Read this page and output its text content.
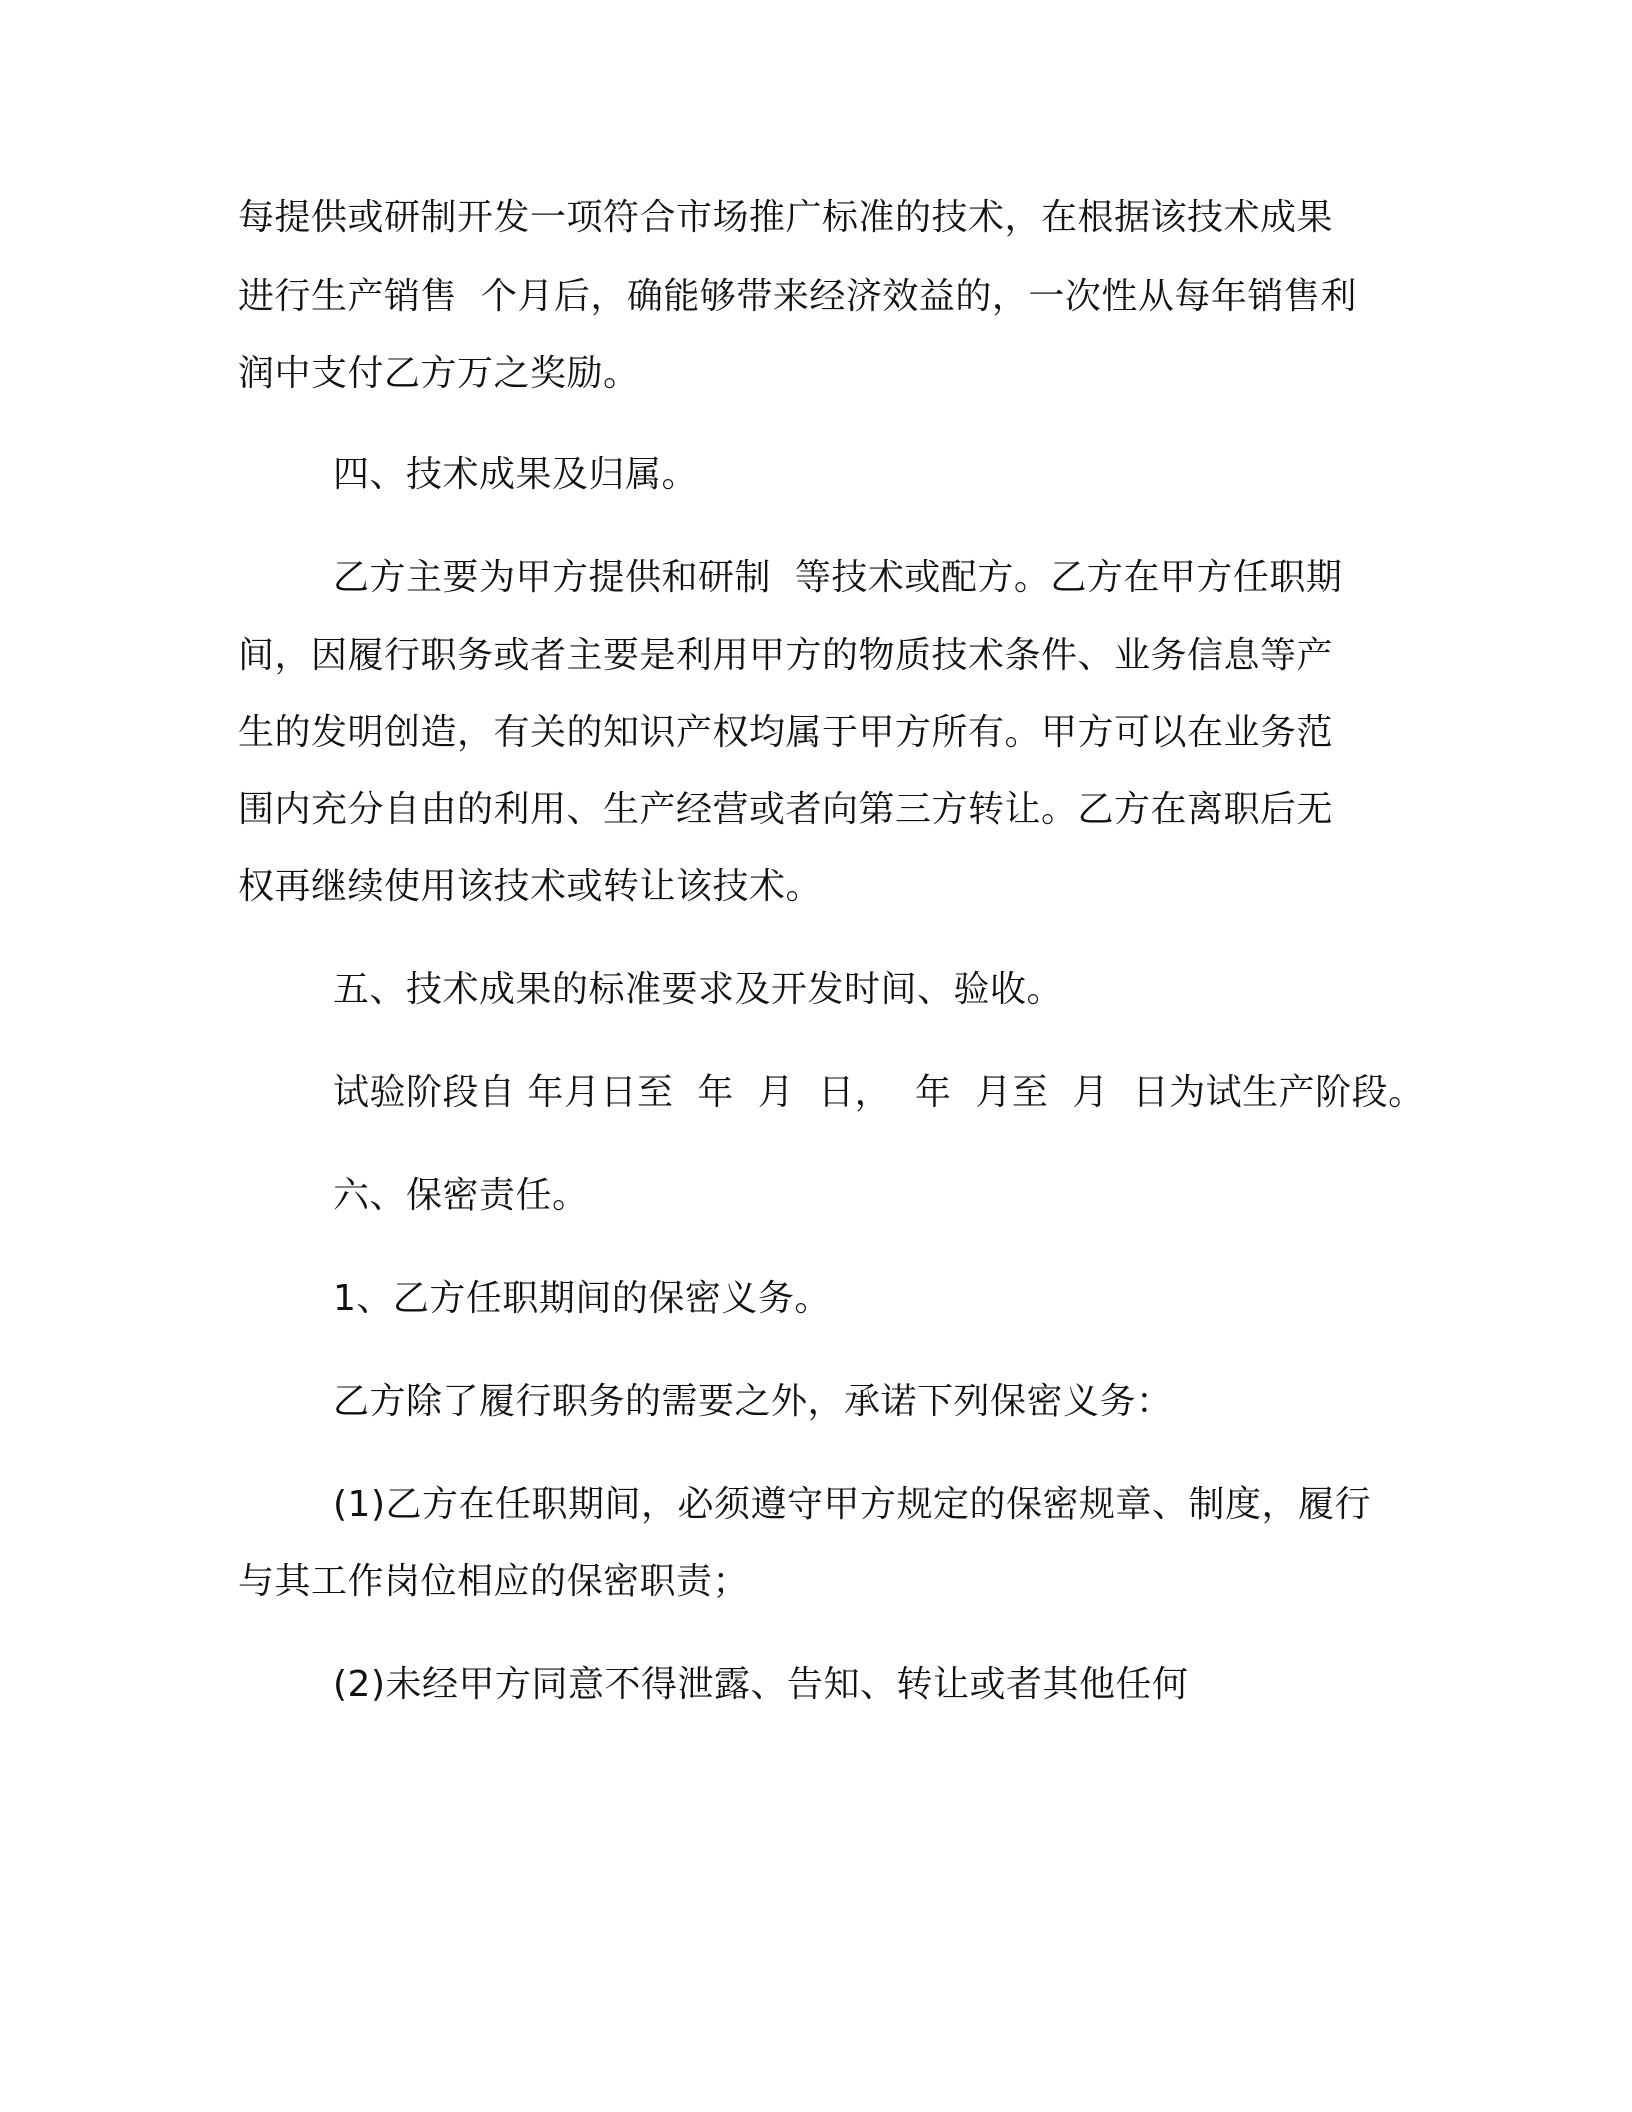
每提供或研制开发一项符合市场推广标准的技术，在根据该技术成果
进行生产销售  个月后，确能够带来经济效益的，一次性从每年销售利
润中支付乙方万之奖励。
四、技术成果及归属。
乙方主要为甲方提供和研制  等技术或配方。乙方在甲方任职期
间，因履行职务或者主要是利用甲方的物质技术条件、业务信息等产
生的发明创造，有关的知识产权均属于甲方所有。甲方可以在业务范
围内充分自由的利用、生产经营或者向第三方转让。乙方在离职后无
权再继续使用该技术或转让该技术。
五、技术成果的标准要求及开发时间、验收。
试验阶段自 年月日至  年  月  日，  年  月至  月  日为试生产阶段。
六、保密责任。
1、乙方任职期间的保密义务。
乙方除了履行职务的需要之外，承诺下列保密义务：
(1)乙方在任职期间，必须遵守甲方规定的保密规章、制度，履行
与其工作岗位相应的保密职责；
(2)未经甲方同意不得泄露、告知、转让或者其他任何
